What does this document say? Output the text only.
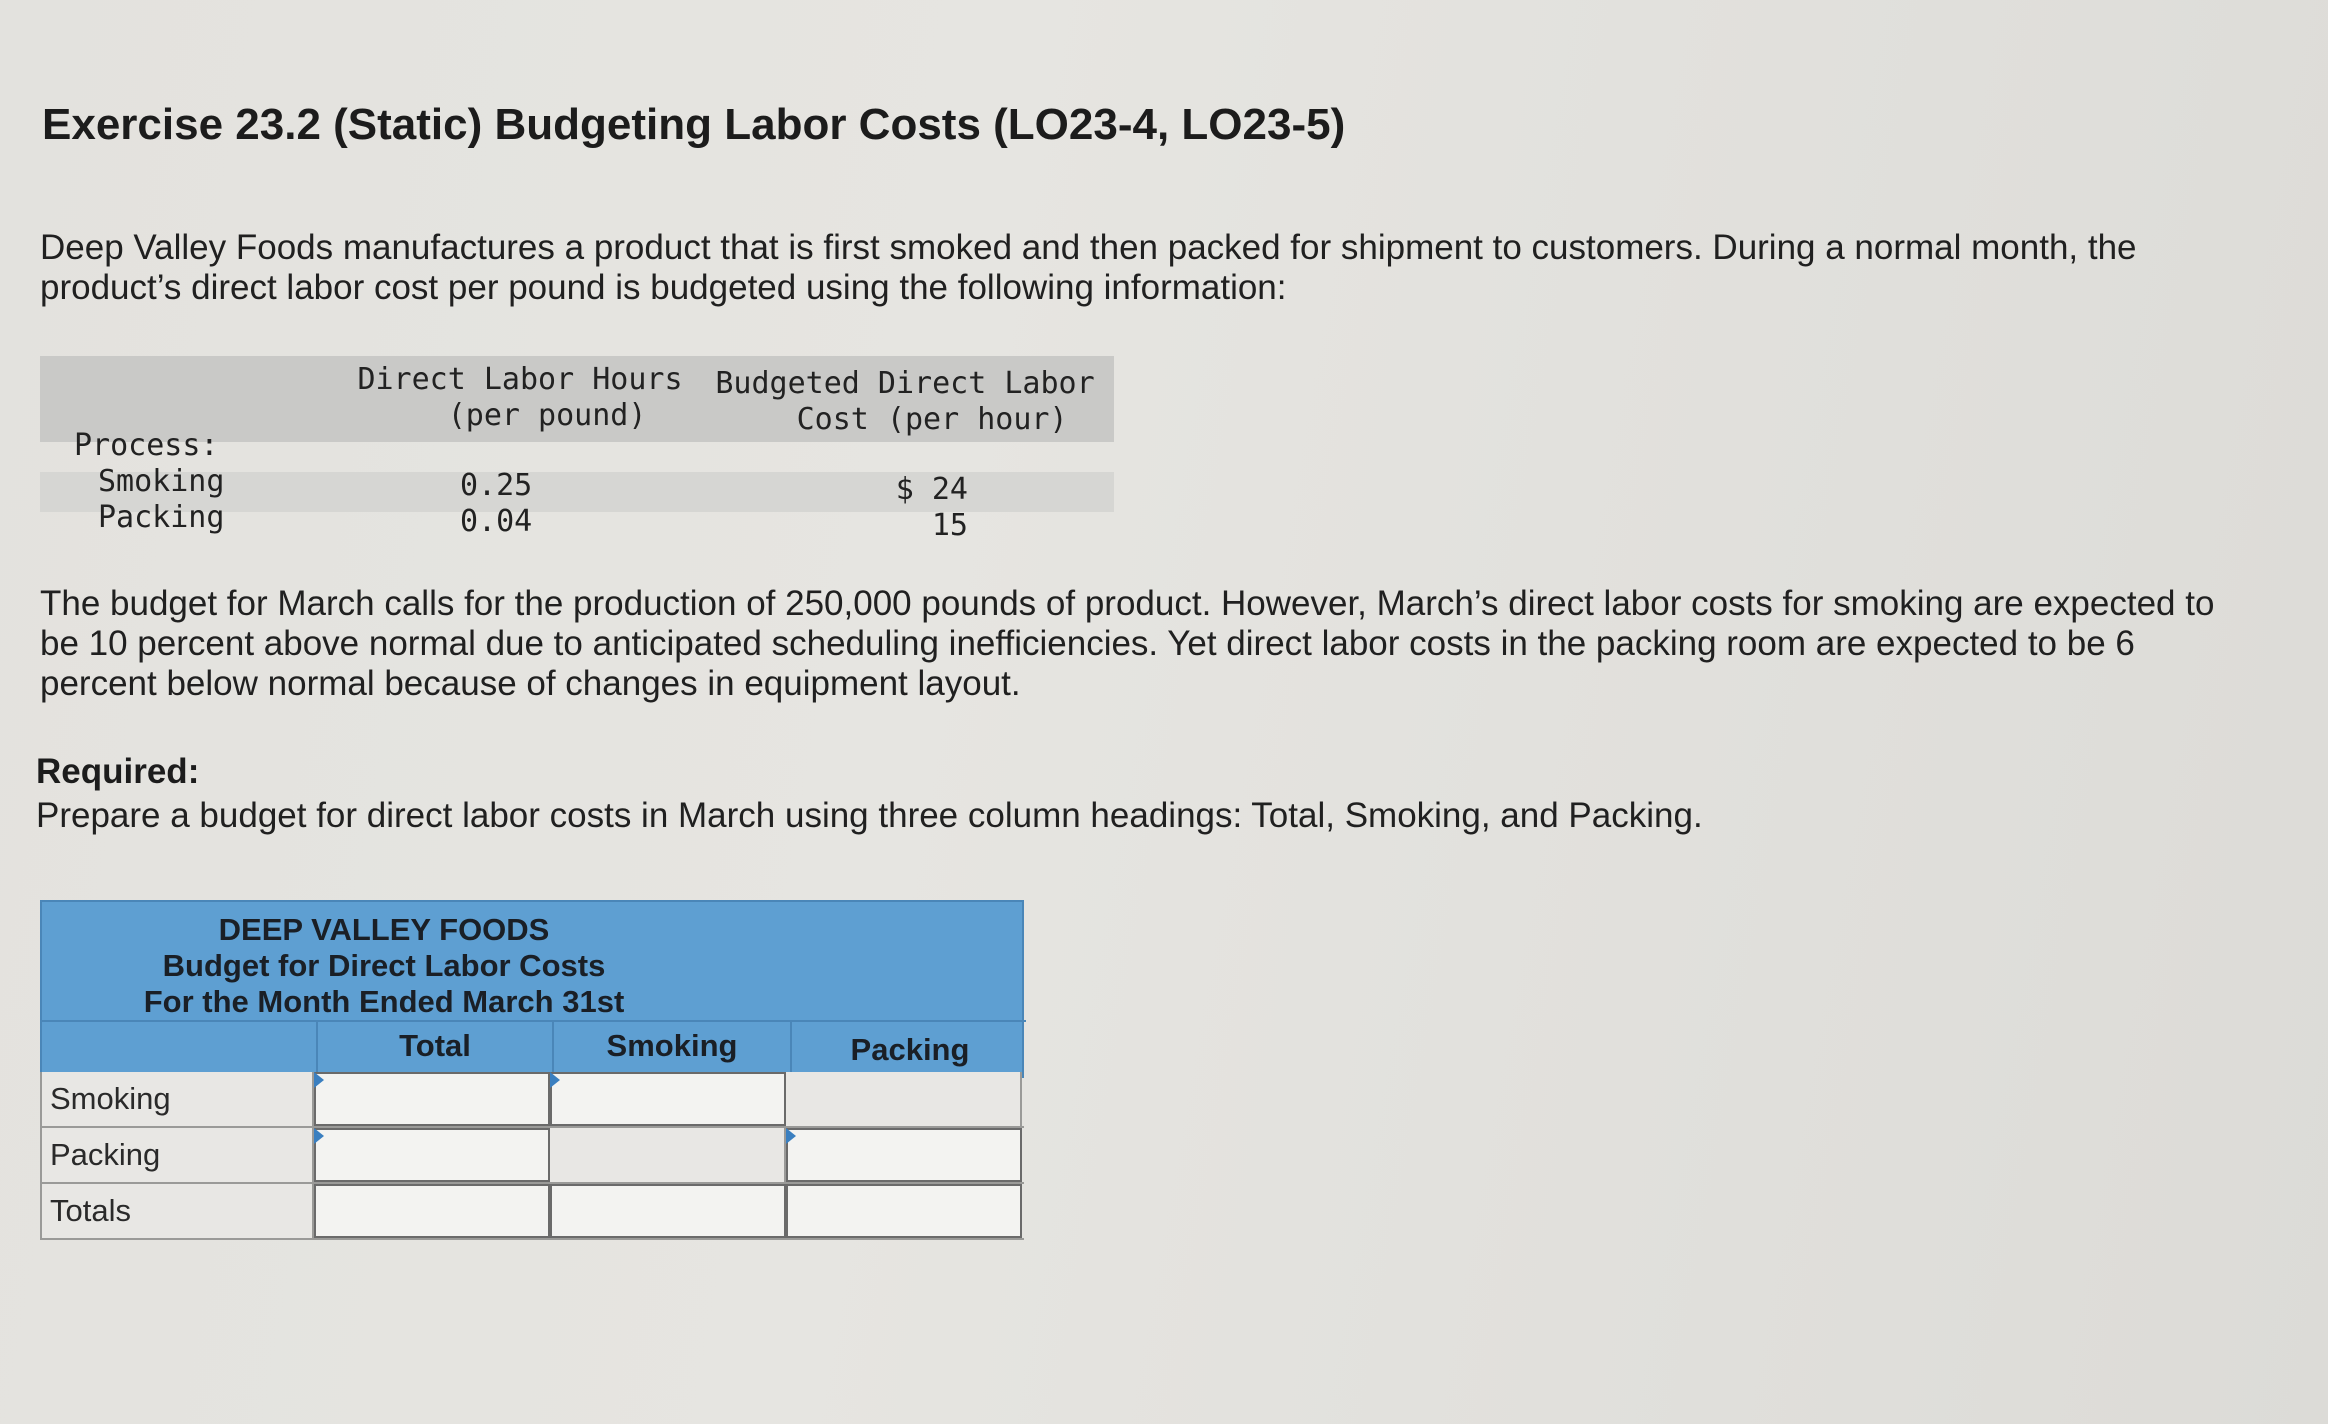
Exercise 23.2 (Static) Budgeting Labor Costs (LO23-4, LO23-5)
Deep Valley Foods manufactures a product that is first smoked and then packed for shipment to customers. During a normal month, the product’s direct labor cost per pound is budgeted using the following information:
Direct Labor Hours
(per pound)
Budgeted Direct Labor
Cost (per hour)
Process:
Smoking
Packing
0.25
0.04
$ 24
15
The budget for March calls for the production of 250,000 pounds of product. However, March’s direct labor costs for smoking are expected to be 10 percent above normal due to anticipated scheduling inefficiencies. Yet direct labor costs in the packing room are expected to be 6 percent below normal because of changes in equipment layout.
Required:
Prepare a budget for direct labor costs in March using three column headings: Total, Smoking, and Packing.
DEEP VALLEY FOODS
Budget for Direct Labor Costs
For the Month Ended March 31st
Total	Smoking	Packing
Smoking
Packing
Totals
